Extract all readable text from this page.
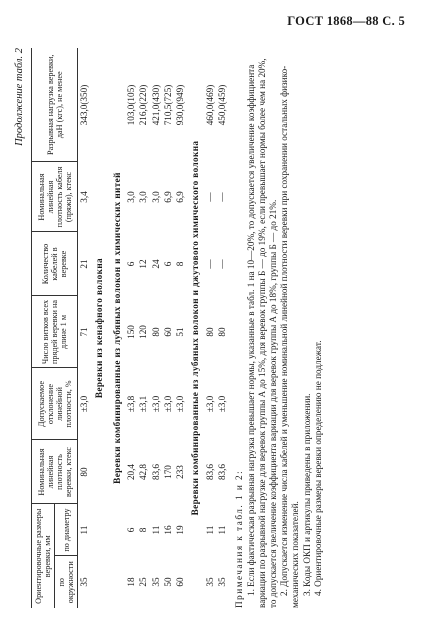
ГОСТ 1868—88 С. 5
Продолжение табл. 2
Ориентировочные размеры веревки, мм		Номинальная линейная плотность веревки, ктекс	Допускаемое отклонение линейной плотности, %	Число витков всех прядей веревки на длине 1 м	Количество кабелей в веревке	Номинальная линейная плотность кабеля (пряжи), ктекс	Разрывная нагрузка веревки, даН (кгс), не менее
по окружности	по диаметру						
35	11	80	±3,0	71	21	3,4	343,0(350)
Веревки из кенафного волокна							
Веревки комбинированные из лубяных волокон и химических нитей							
18	6	20,4	±3,8	150	6	3,0	103,0(105)
25	8	42,8	±3,1	120	12	3,0	216,0(220)
35	11	83,6	±3,0	80	24	3,0	421,0(430)
50	16	170	±3,0	60	6	6,9	710,5(725)
60	19	233	±3,0	51	8	6,9	930,0(949)
Веревки комбинированные из лубяных волокон и джутового химического волокна							
35	11	83,6	±3,0	80	—	—	460,0(469)
35	11	83,6	±3,0	80	—	—	450,0(459)

Примечания к табл. 1 и 2: 1. Если фактическая разрывная нагрузка превышает нормы, указанные в табл. 1 на 10—20%, то допускается увеличение коэффициента вариации по разрывной нагрузке для веревок группы А до 15%, для веревок группы Б — до 19%, если превышает нормы более чем на 20%, то допускается увеличение коэффициента вариации для веревок группы А до 18%, группы Б — до 21%. 2. Допускается изменение числа кабелей и уменьшение номинальной линейной плотности веревки при сохранении остальных физико-механических показателей. 3. Коды ОКП и артикулы приведены в приложении. 4. Ориентировочные размеры веревки определению не подлежат.
